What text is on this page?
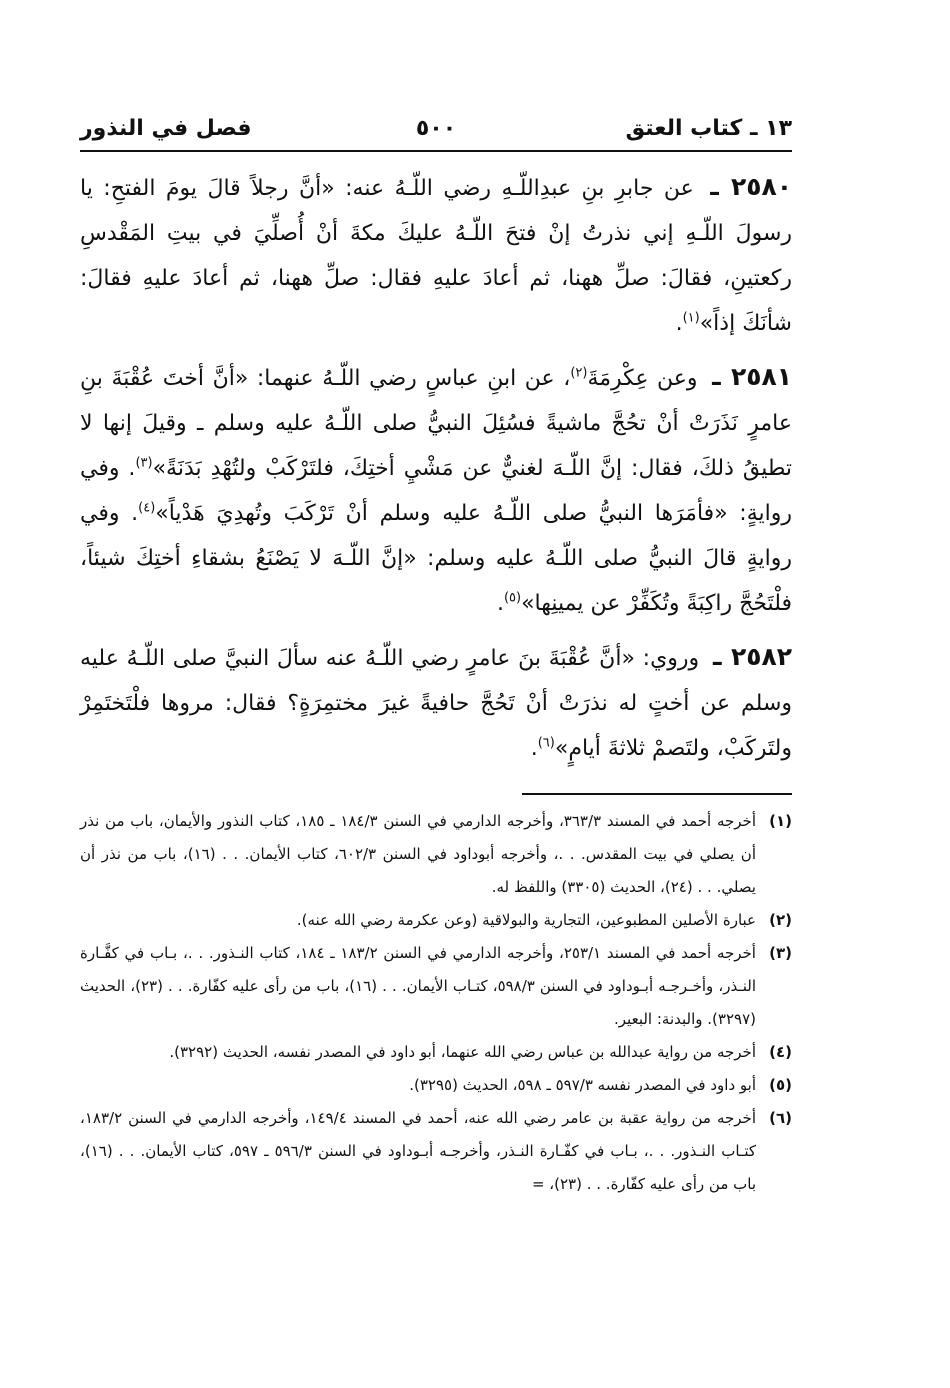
١٣ ـ كتاب العتق
٥٠٠
فصل في النذور

٢٥٨٠ ـ عن جابرِ بنِ عبدِاللّـهِ رضي اللّـهُ عنه: «أنَّ رجلاً قالَ يومَ الفتحِ: يا رسولَ اللّـهِ إني نذرتُ إنْ فتحَ اللّـهُ عليكَ مكةَ أنْ أُصلِّيَ في بيتِ المَقْدسِ ركعتينِ، فقالَ: صلِّ ههنا، ثم أعادَ عليهِ فقال: صلِّ ههنا، ثم أعادَ عليهِ فقالَ: شأنَكَ إذاً»$^{(١)}$.

٢٥٨١ ـ وعن عِكْرِمَةَ$^{(٢)}$، عن ابنِ عباسٍ رضي اللّـهُ عنهما: «أنَّ أختَ عُقْبَةَ بنِ عامرٍ نَذَرَتْ أنْ تحُجَّ ماشيةً فسُئِلَ النبيُّ صلى اللّـهُ عليه وسلم ـ وقيلَ إنها لا تطيقُ ذلكَ، فقال: إنَّ اللّـهَ لغنيٌّ عن مَشْيِ أختِكَ، فلتَرْكَبْ ولتُهْدِ بَدَنَةً»$^{(٣)}$. وفي روايةٍ: «فأمَرَها النبيُّ صلى اللّـهُ عليه وسلم أنْ تَرْكَبَ وتُهدِيَ هَدْياً»$^{(٤)}$. وفي روايةٍ قالَ النبيُّ صلى اللّـهُ عليه وسلم: «إنَّ اللّـهَ لا يَصْنَعُ بشقاءِ أختِكَ شيئاً، فلْتَحُجَّ راكِبَةً وتُكَفِّرْ عن يمينِها»$^{(٥)}$.

٢٥٨٢ ـ وروي: «أنَّ عُقْبَةَ بنَ عامرٍ رضي اللّـهُ عنه سألَ النبيَّ صلى اللّـهُ عليه وسلم عن أختٍ له نذرَتْ أنْ تَحُجَّ حافيةً غيرَ مختمِرَةٍ؟ فقال: مروها فلْتَختَمِرْ ولتَركَبْ، ولتَصمْ ثلاثةَ أيامٍ»$^{(٦)}$.

(١)
أخرجه أحمد في المسند ٣٦٣/٣، وأخرجه الدارمي في السنن ١٨٤/٣ ـ ١٨٥، كتاب النذور والأيمان، باب من نذر أن يصلي في بيت المقدس. . .، وأخرجه أبوداود في السنن ٦٠٢/٣، كتاب الأيمان. . . (١٦)، باب من نذر أن يصلي. . . (٢٤)، الحديث (٣٣٠٥) واللفظ له.

(٢)
عبارة الأصلين المطبوعين، التجارية والبولاقية (وعن عكرمة رضي الله عنه).

(٣)
أخرجه أحمد في المسند ٢٥٣/١، وأخرجه الدارمي في السنن ١٨٣/٢ ـ ١٨٤، كتاب النـذور. . .، بـاب في كفَّـارة النـذر، وأخـرجـه أبـوداود في السنن ٥٩٨/٣، كتـاب الأيمان. . . (١٦)، باب من رأى عليه كفّارة. . . (٢٣)، الحديث (٣٢٩٧). والبدنة: البعير.

(٤)
أخرجه من رواية عبدالله بن عباس رضي الله عنهما، أبو داود في المصدر نفسه، الحديث (٣٢٩٢).

(٥)
أبو داود في المصدر نفسه ٥٩٧/٣ ـ ٥٩٨، الحديث (٣٢٩٥).

(٦)
أخرجه من رواية عقبة بن عامر رضي الله عنه، أحمد في المسند ١٤٩/٤، وأخرجه الدارمي في السنن ١٨٣/٢، كتـاب النـذور. . .، بـاب في كفّـارة النـذر، وأخرجـه أبـوداود في السنن ٥٩٦/٣ ـ ٥٩٧، كتاب الأيمان. . . (١٦)، باب من رأى عليه كفّارة. . . (٢٣)، =
